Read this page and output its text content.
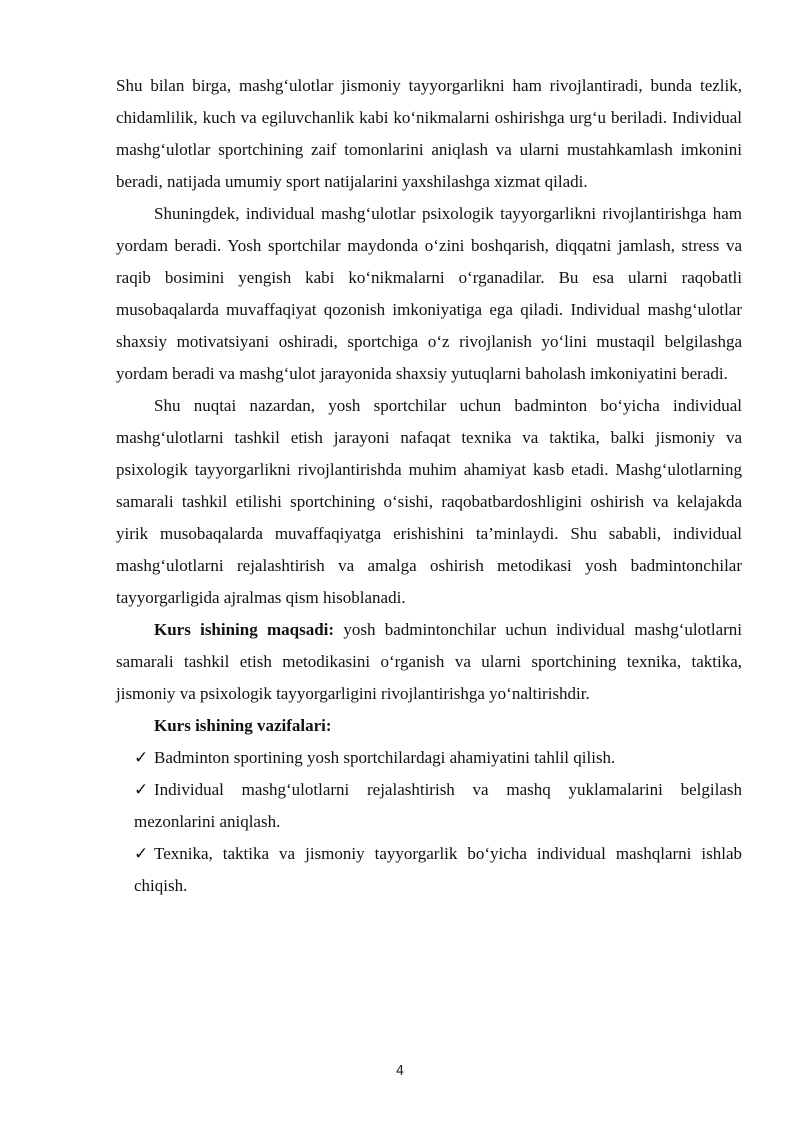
Shu bilan birga, mashg‘ulotlar jismoniy tayyorgarlikni ham rivojlantiradi, bunda tezlik, chidamlilik, kuch va egiluvchanlik kabi ko‘nikmalarni oshirishga urg‘u beriladi. Individual mashg‘ulotlar sportchining zaif tomonlarini aniqlash va ularni mustahkamlash imkonini beradi, natijada umumiy sport natijalarini yaxshilashga xizmat qiladi.

Shuningdek, individual mashg‘ulotlar psixologik tayyorgarlikni rivojlantirishga ham yordam beradi. Yosh sportchilar maydonda o‘zini boshqarish, diqqatni jamlash, stress va raqib bosimini yengish kabi ko‘nikmalarni o‘rganadilar. Bu esa ularni raqobatli musobaqalarda muvaffaqiyat qozonish imkoniyatiga ega qiladi. Individual mashg‘ulotlar shaxsiy motivatsiyani oshiradi, sportchiga o‘z rivojlanish yo‘lini mustaqil belgilashga yordam beradi va mashg‘ulot jarayonida shaxsiy yutuqlarni baholash imkoniyatini beradi.

Shu nuqtai nazardan, yosh sportchilar uchun badminton bo‘yicha individual mashg‘ulotlarni tashkil etish jarayoni nafaqat texnika va taktika, balki jismoniy va psixologik tayyorgarlikni rivojlantirishda muhim ahamiyat kasb etadi. Mashg‘ulotlarning samarali tashkil etilishi sportchining o‘sishi, raqobatbardoshligini oshirish va kelajakda yirik musobaqalarda muvaffaqiyatga erishishini ta’minlaydi. Shu sababli, individual mashg‘ulotlarni rejalashtirish va amalga oshirish metodikasi yosh badmintonchilar tayyorgarligida ajralmas qism hisoblanadi.

Kurs ishining maqsadi: yosh badmintonchilar uchun individual mashg‘ulotlarni samarali tashkil etish metodikasini o‘rganish va ularni sportchining texnika, taktika, jismoniy va psixologik tayyorgarligini rivojlantirishga yo‘naltirishdir.

Kurs ishining vazifalari:

✓ Badminton sportining yosh sportchilardagi ahamiyatini tahlil qilish.

✓ Individual mashg‘ulotlarni rejalashtirish va mashq yuklamalarini belgilash mezonlarini aniqlash.

✓ Texnika, taktika va jismoniy tayyorgarlik bo‘yicha individual mashqlarni ishlab chiqish.

4
